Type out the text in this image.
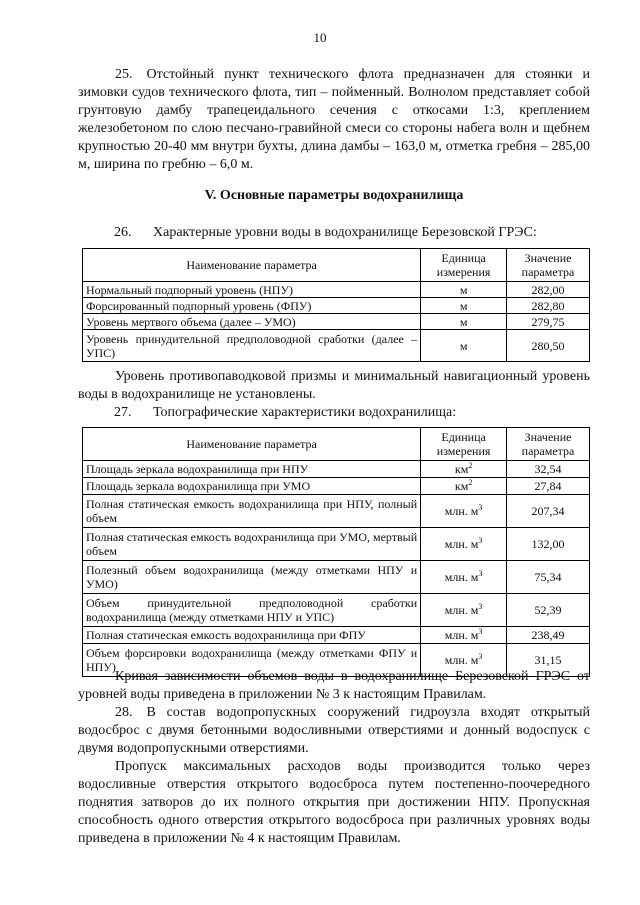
10
25. Отстойный пункт технического флота предназначен для стоянки и зимовки судов технического флота, тип – пойменный. Волнолом представляет собой грунтовую дамбу трапецеидального сечения с откосами 1:3, креплением железобетоном по слою песчано-гравийной смеси со стороны набега волн и щебнем крупностью 20-40 мм внутри бухты, длина дамбы – 163,0 м, отметка гребня – 285,00 м, ширина по гребню – 6,0 м.
V. Основные параметры водохранилища
26.	Характерные уровни воды в водохранилище Березовской ГРЭС:
Наименование параметра	Единица измерения	Значение параметра
Нормальный подпорный уровень (НПУ)	м	282,00
Форсированный подпорный уровень (ФПУ)	м	282,80
Уровень мертвого объема (далее – УМО)	м	279,75
Уровень принудительной предполоводной сработки (далее – УПС)	м	280,50
Уровень противопаводковой призмы и минимальный навигационный уровень воды в водохранилище не установлены.
27.	Топографические характеристики водохранилища:
Наименование параметра	Единица измерения	Значение параметра
Площадь зеркала водохранилища при НПУ	$км^2$	32,54
Площадь зеркала водохранилища при УМО	$км^2$	27,84
Полная статическая емкость водохранилища при НПУ, полный объем	млн. $м^3$	207,34
Полная статическая емкость водохранилища при УМО, мертвый объем	млн. $м^3$	132,00
Полезный объем водохранилища (между отметками НПУ и УМО)	млн. $м^3$	75,34
Объем принудительной предполоводной сработки водохранилища (между отметками НПУ и УПС)	млн. $м^3$	52,39
Полная статическая емкость водохранилища при ФПУ	млн. $м^3$	238,49
Объем форсировки водохранилища (между отметками ФПУ и НПУ)	млн. $м^3$	31,15
Кривая зависимости объемов воды в водохранилище Березовской ГРЭС от уровней воды приведена в приложении № 3 к настоящим Правилам.
28. В состав водопропускных сооружений гидроузла входят открытый водосброс с двумя бетонными водосливными отверстиями и донный водоспуск с двумя водопропускными отверстиями.
Пропуск максимальных расходов воды производится только через водосливные отверстия открытого водосброса путем постепенно-поочередного поднятия затворов до их полного открытия при достижении НПУ. Пропускная способность одного отверстия открытого водосброса при различных уровнях воды приведена в приложении № 4 к настоящим Правилам.
